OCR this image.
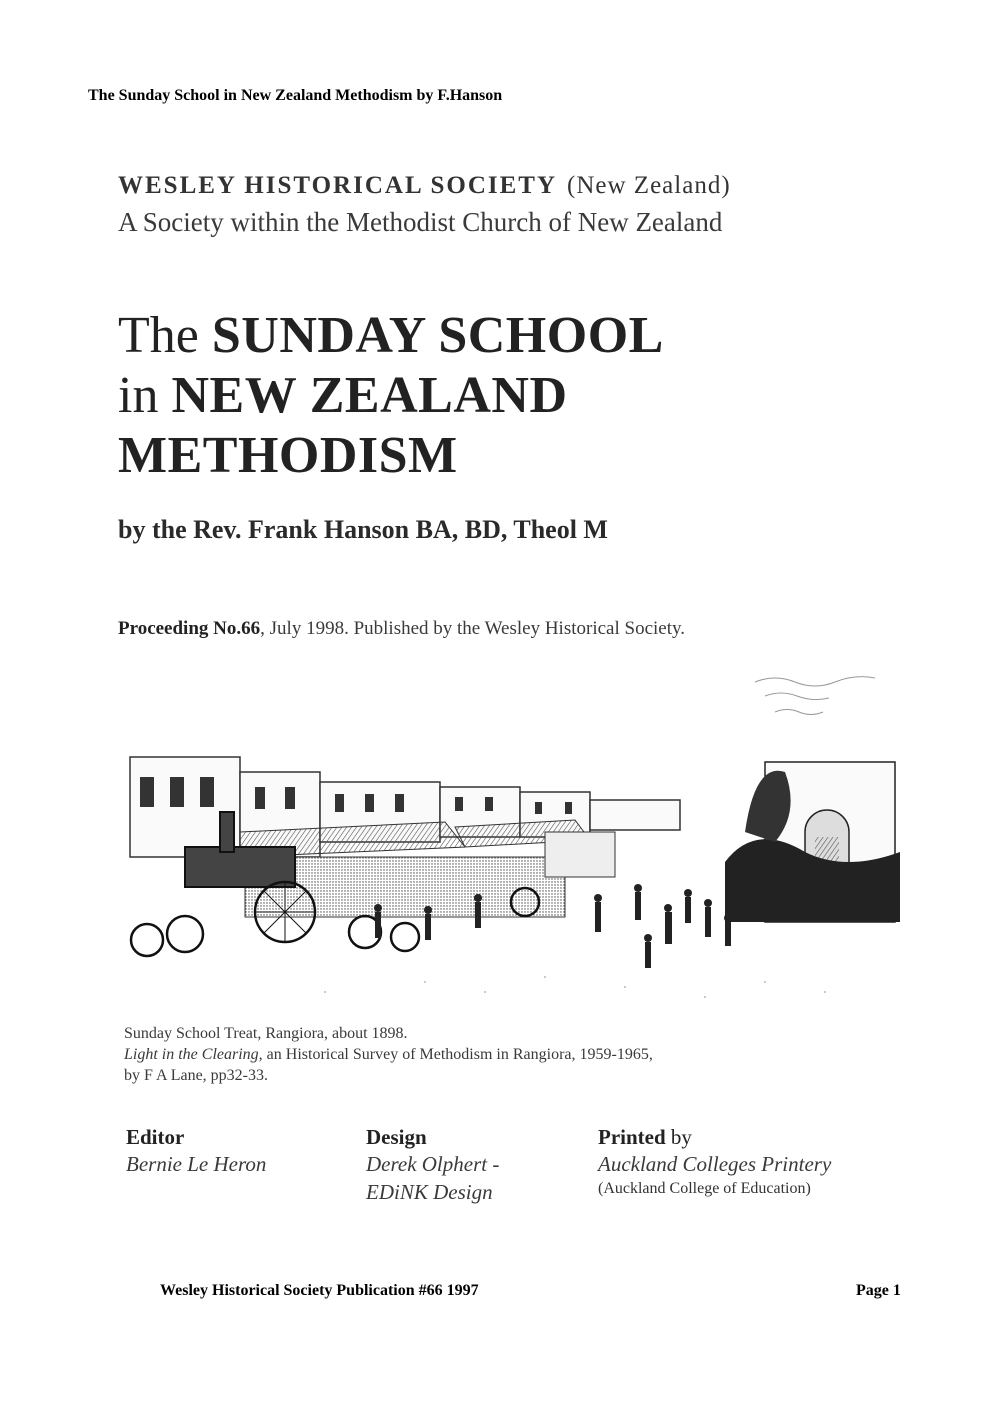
The Sunday School in New Zealand Methodism by F.Hanson
WESLEY HISTORICAL SOCIETY (New Zealand)
A Society within the Methodist Church of New Zealand
The SUNDAY SCHOOL
in NEW ZEALAND
METHODISM
by the Rev. Frank Hanson BA, BD, Theol M
Proceeding No.66, July 1998. Published by the Wesley Historical Society.
Sunday School Treat, Rangiora, about 1898.
Light in the Clearing, an Historical Survey of Methodism in Rangiora, 1959-1965,
by F A Lane, pp32-33.
Editor
Bernie Le Heron
Design
Derek Olphert -
EDiNK Design
Printed by
Auckland Colleges Printery
(Auckland College of Education)
Wesley Historical Society Publication #66 1997	Page 1
